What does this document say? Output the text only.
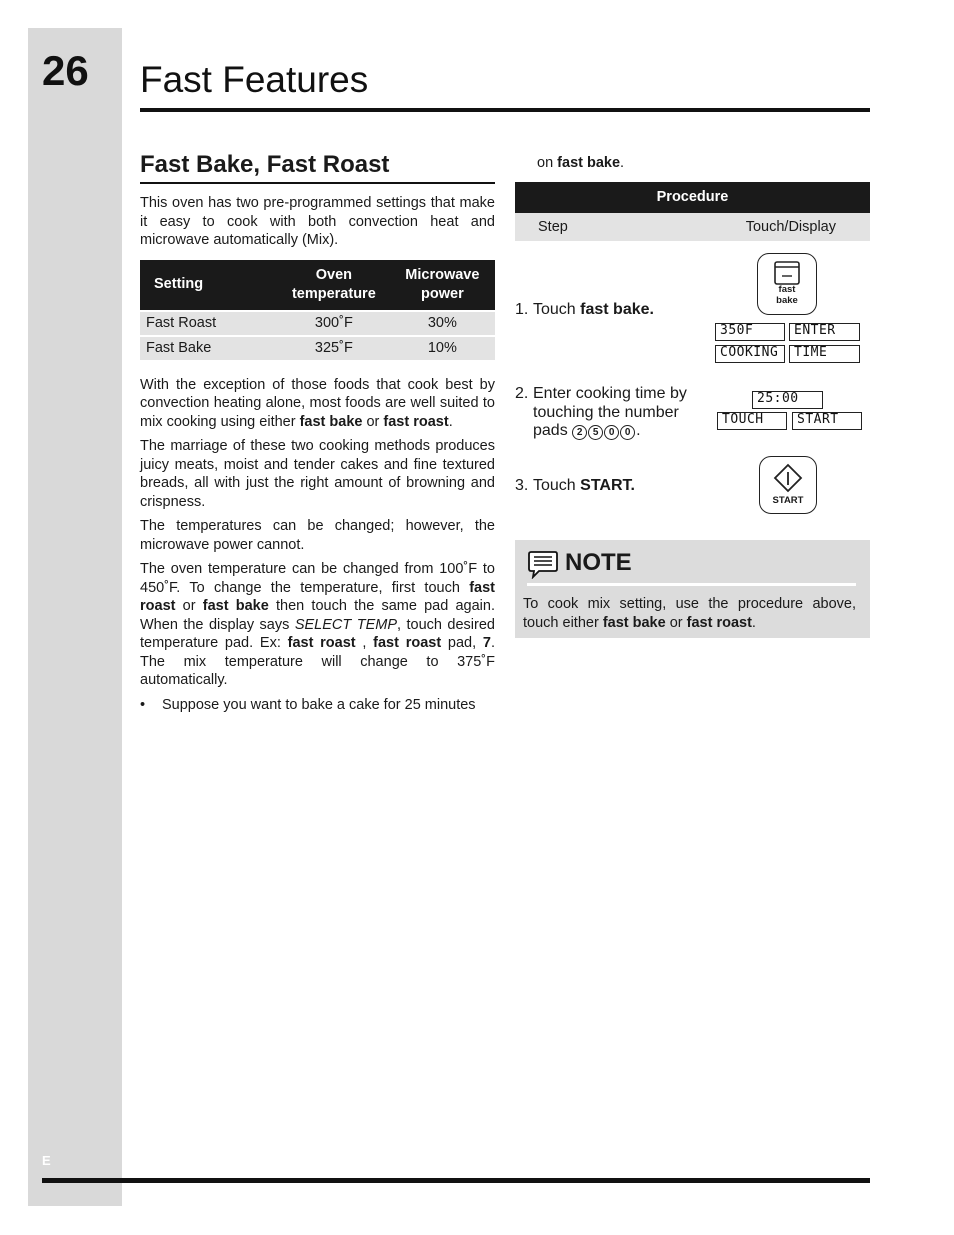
26
E
Fast Features
Fast Bake, Fast Roast

This oven has two pre-programmed settings that make it easy to cook with both convection heat and microwave automatically (Mix).

Setting	Oven temperature	Microwave power
Fast Roast	300˚F	30%
Fast Bake	325˚F	10%

With the exception of those foods that cook best by convection heating alone, most foods are well suited to mix cooking using either fast bake or fast roast.

The marriage of these two cooking methods produces juicy meats, moist and tender cakes and fine textured breads, all with just the right amount of browning and crispness.

The temperatures can be changed; however, the microwave power cannot.

The oven temperature can be changed from 100˚F to 450˚F. To change the temperature, first touch fast roast or fast bake then touch the same pad again. When the display says SELECT TEMP, touch desired temperature pad. Ex: fast roast , fast roast pad, 7. The mix temperature will change to 375˚F automatically.

•	Suppose you want to bake a cake for 25 minutes
on fast bake.
Procedure
Step	Touch/Display
1. Touch fast bake.
fast
bake
350F	ENTER
COOKING	TIME
2. Enter cooking time by touching the number pads 2 5 0 0 .
25:00
TOUCH	START
3. Touch START.
START
NOTE
To cook mix setting, use the procedure above, touch either fast bake or fast roast.
